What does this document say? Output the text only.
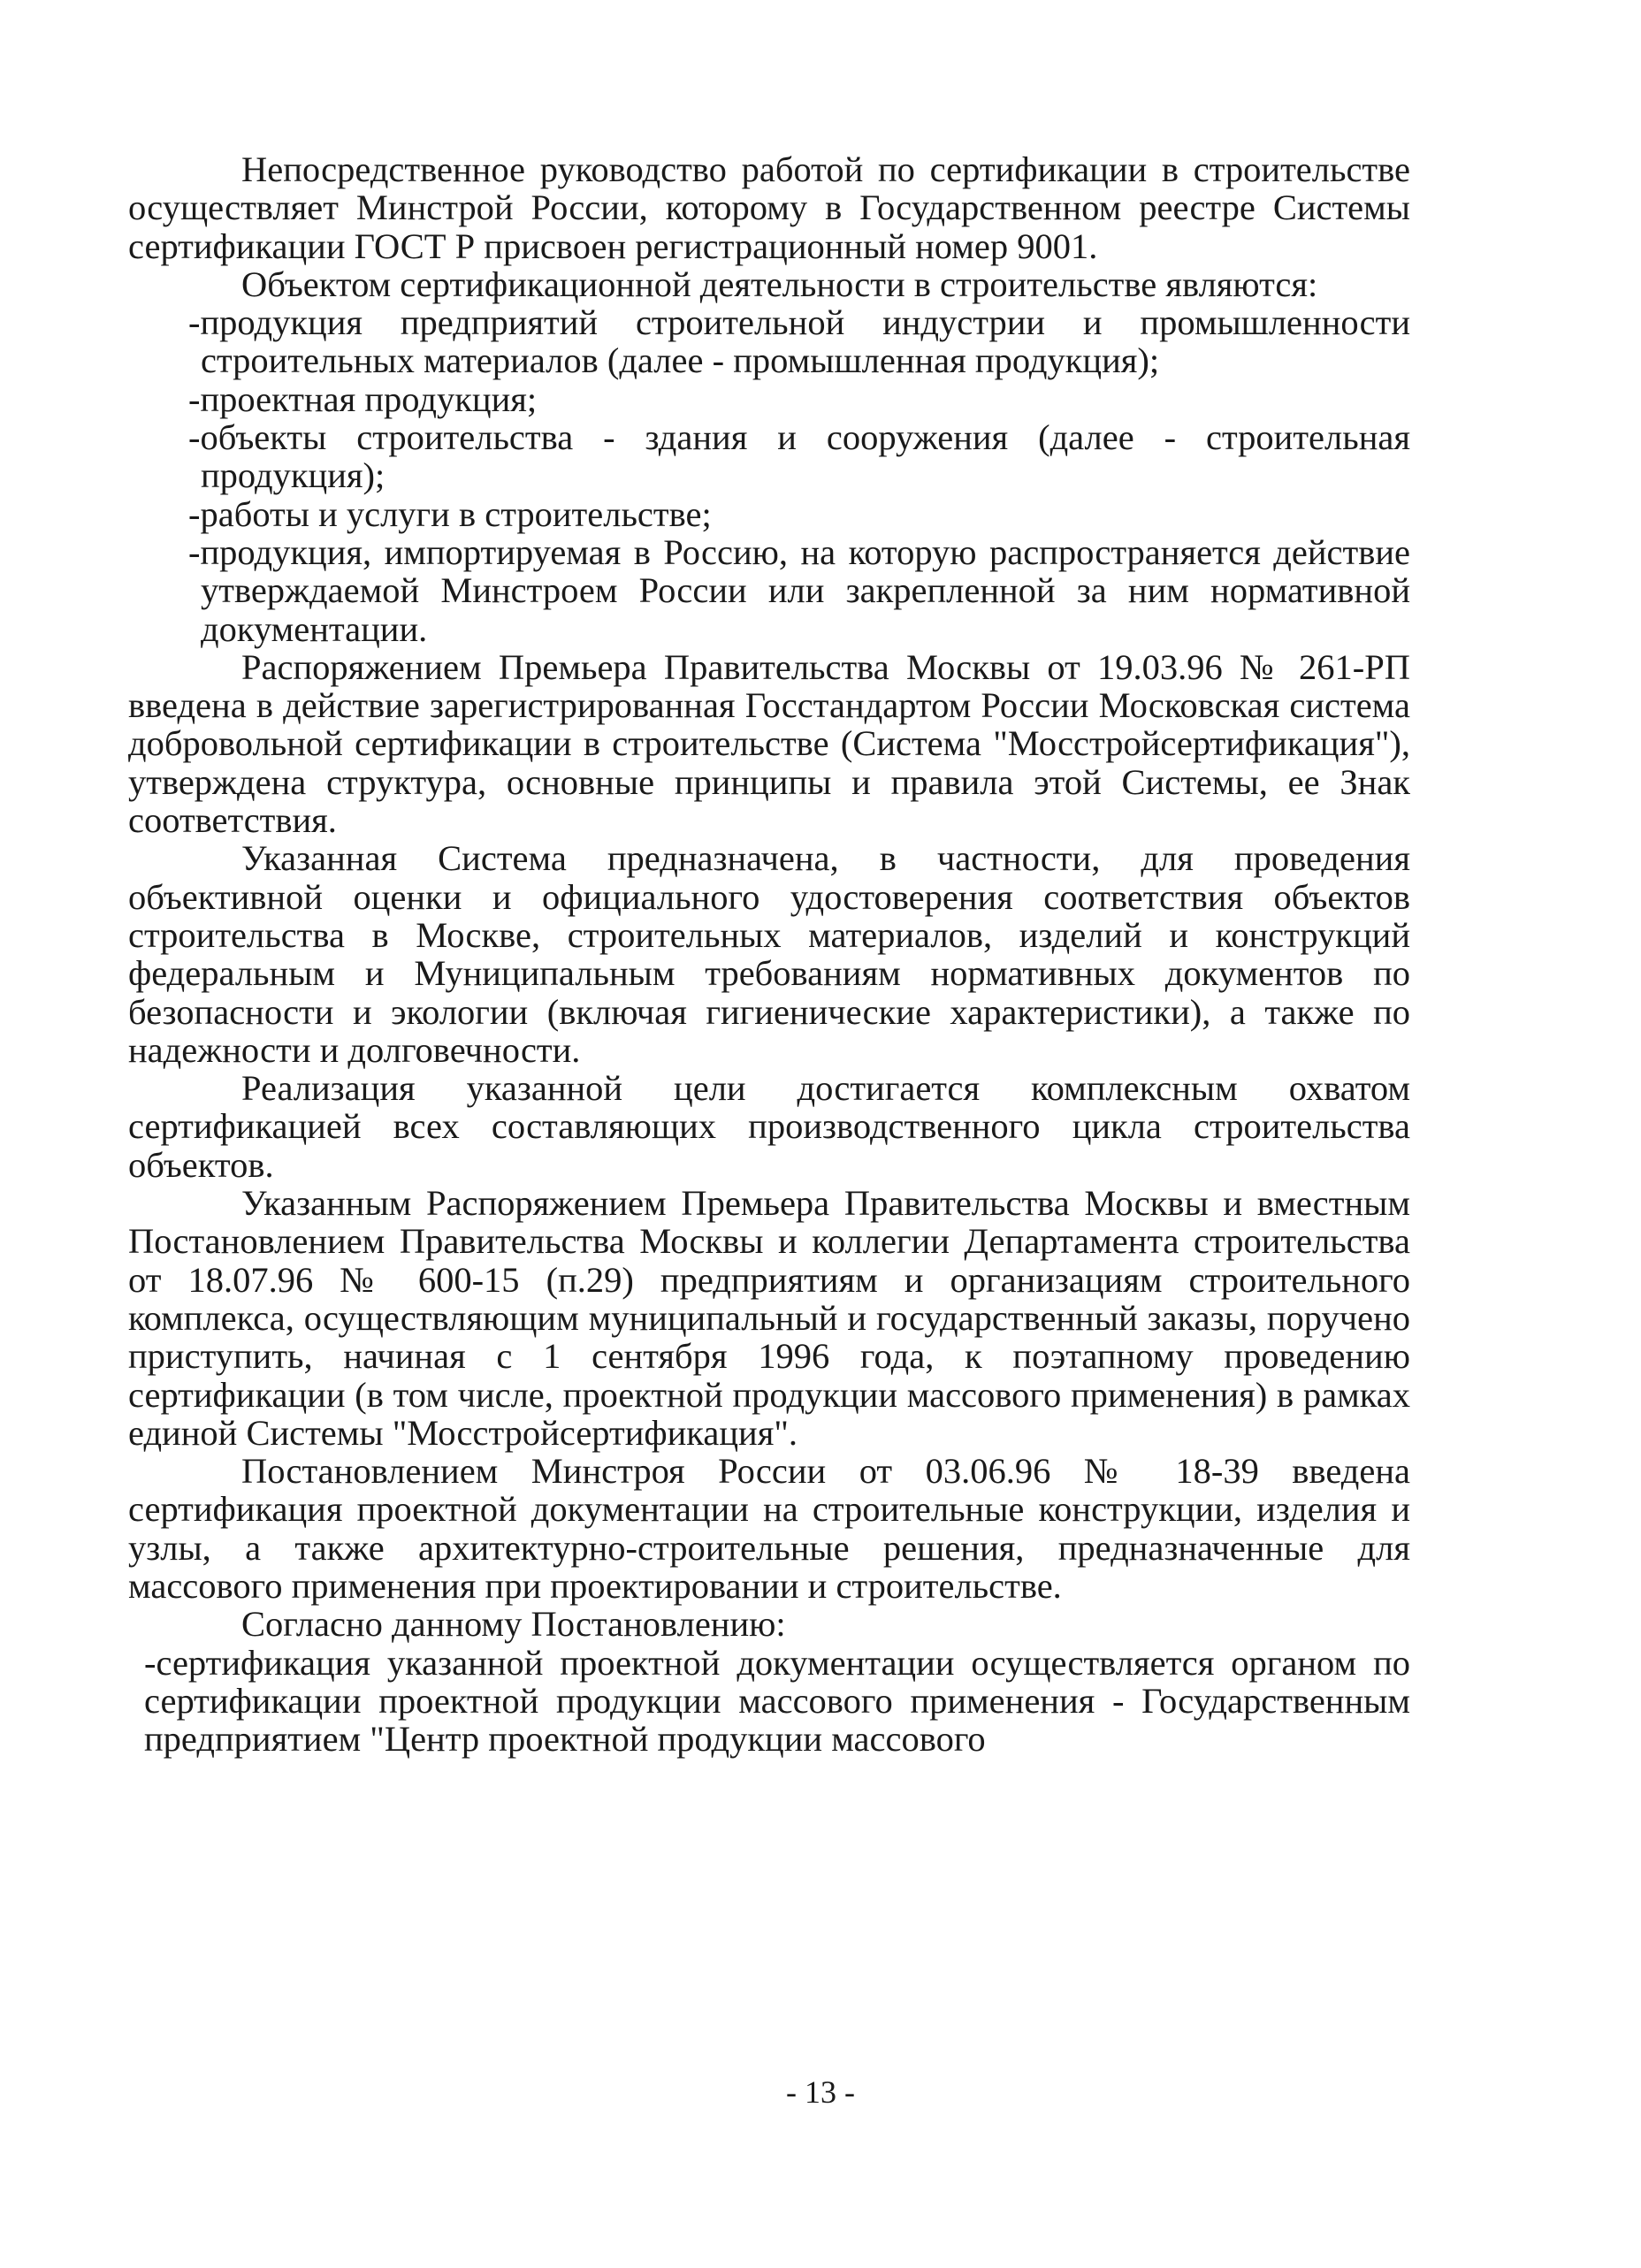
Непосредственное руководство работой по сертификации в строительстве осуществляет Минстрой России, которому в Государственном реестре Системы сертификации ГОСТ Р присвоен регистрационный номер 9001.

Объектом сертификационной деятельности в строительстве являются:

-продукция предприятий строительной индустрии и промышленности строительных материалов (далее - промышленная продукция);
-проектная продукция;
-объекты строительства - здания и сооружения (далее - строительная продукция);
-работы и услуги в строительстве;
-продукция, импортируемая в Россию, на которую распространяется действие утверждаемой Минстроем России или закрепленной за ним нормативной документации.

Распоряжением Премьера Правительства Москвы от 19.03.96 № 261-РП введена в действие зарегистрированная Госстандартом России Московская система добровольной сертификации в строительстве (Система "Мосстройсертификация"), утверждена структура, основные принципы и правила этой Системы, ее Знак соответствия.

Указанная Система предназначена, в частности, для проведения объективной оценки и официального удостоверения соответствия объектов строительства в Москве, строительных материалов, изделий и конструкций федеральным и Муниципальным требованиям нормативных документов по безопасности и экологии (включая гигиенические характеристики), а также по надежности и долговечности.

Реализация указанной цели достигается комплексным охватом сертификацией всех составляющих производственного цикла строительства объектов.

Указанным Распоряжением Премьера Правительства Москвы и вместным Постановлением Правительства Москвы и коллегии Департамента строительства от 18.07.96 № 600-15 (п.29) предприятиям и организациям строительного комплекса, осуществляющим муниципальный и государственный заказы, поручено приступить, начиная с 1 сентября 1996 года, к поэтапному проведению сертификации (в том числе, проектной продукции массового применения) в рамках единой Системы "Мосстройсертификация".

Постановлением Минстроя России от 03.06.96 № 18-39 введена сертификация проектной документации на строительные конструкции, изделия и узлы, а также архитектурно-строительные решения, предназначенные для массового применения при проектировании и строительстве.

Согласно данному Постановлению:

-сертификация указанной проектной документации осуществляется органом по сертификации проектной продукции массового применения - Государственным предприятием "Центр проектной продукции массового

- 13 -
